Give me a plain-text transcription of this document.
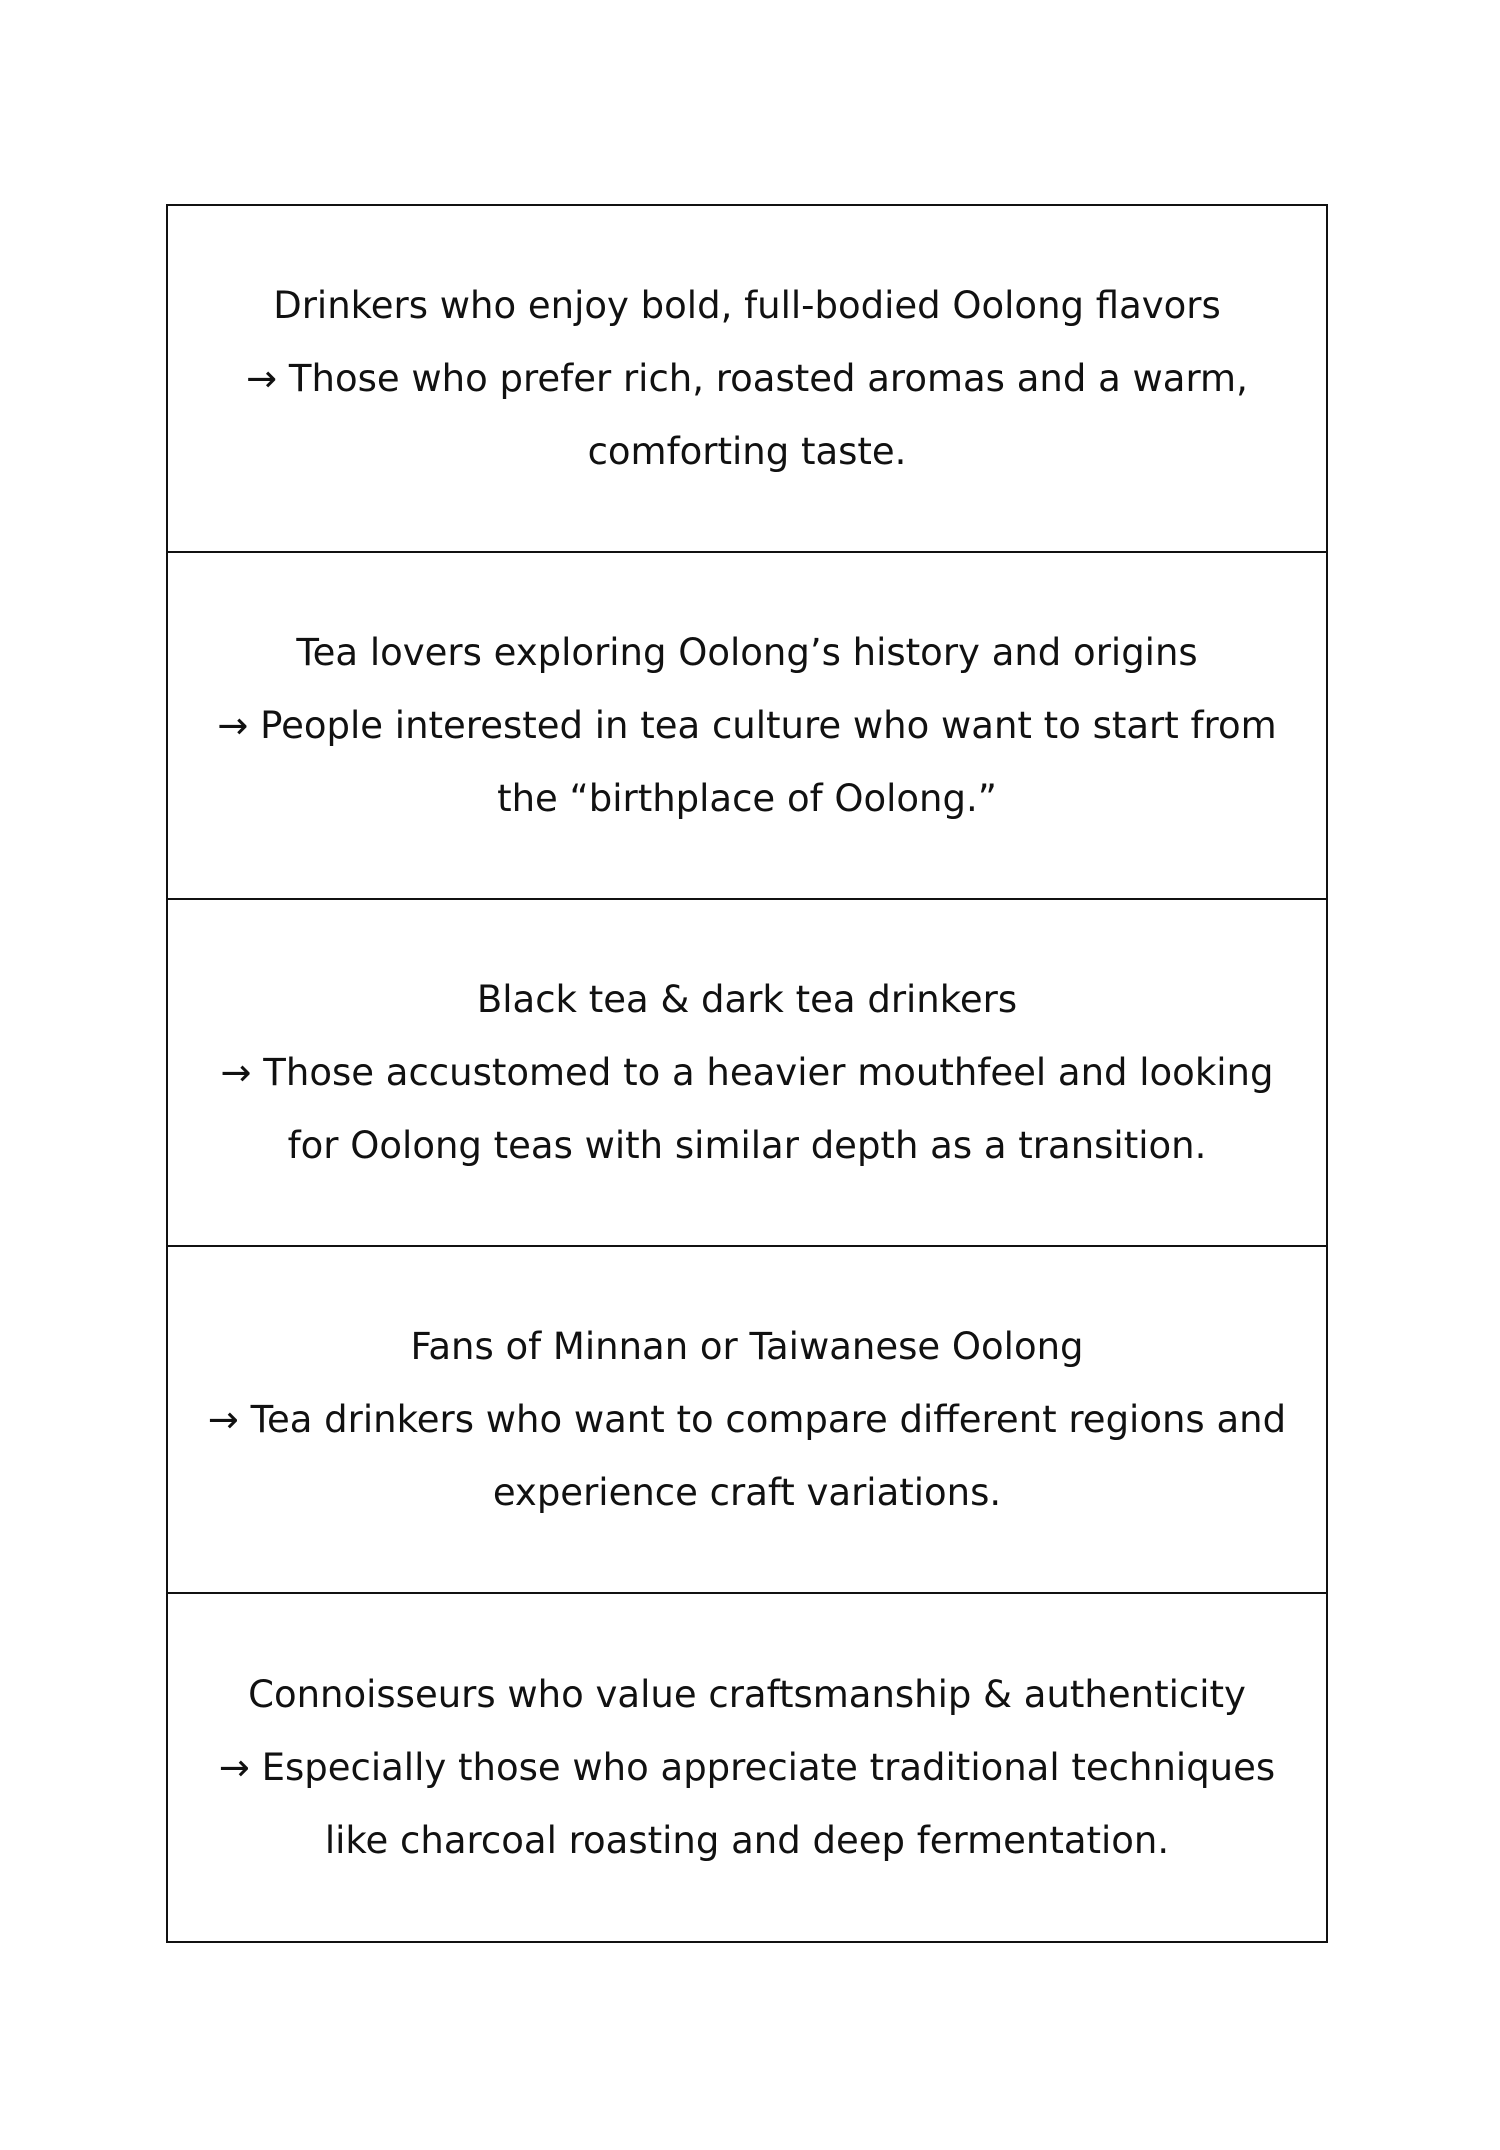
Drinkers who enjoy bold, full-bodied Oolong flavors
→ Those who prefer rich, roasted aromas and a warm,
comforting taste.
Tea lovers exploring Oolong’s history and origins
→ People interested in tea culture who want to start from
the “birthplace of Oolong.”
Black tea & dark tea drinkers
→ Those accustomed to a heavier mouthfeel and looking
for Oolong teas with similar depth as a transition.
Fans of Minnan or Taiwanese Oolong
→ Tea drinkers who want to compare different regions and
experience craft variations.
Connoisseurs who value craftsmanship & authenticity
→ Especially those who appreciate traditional techniques
like charcoal roasting and deep fermentation.
